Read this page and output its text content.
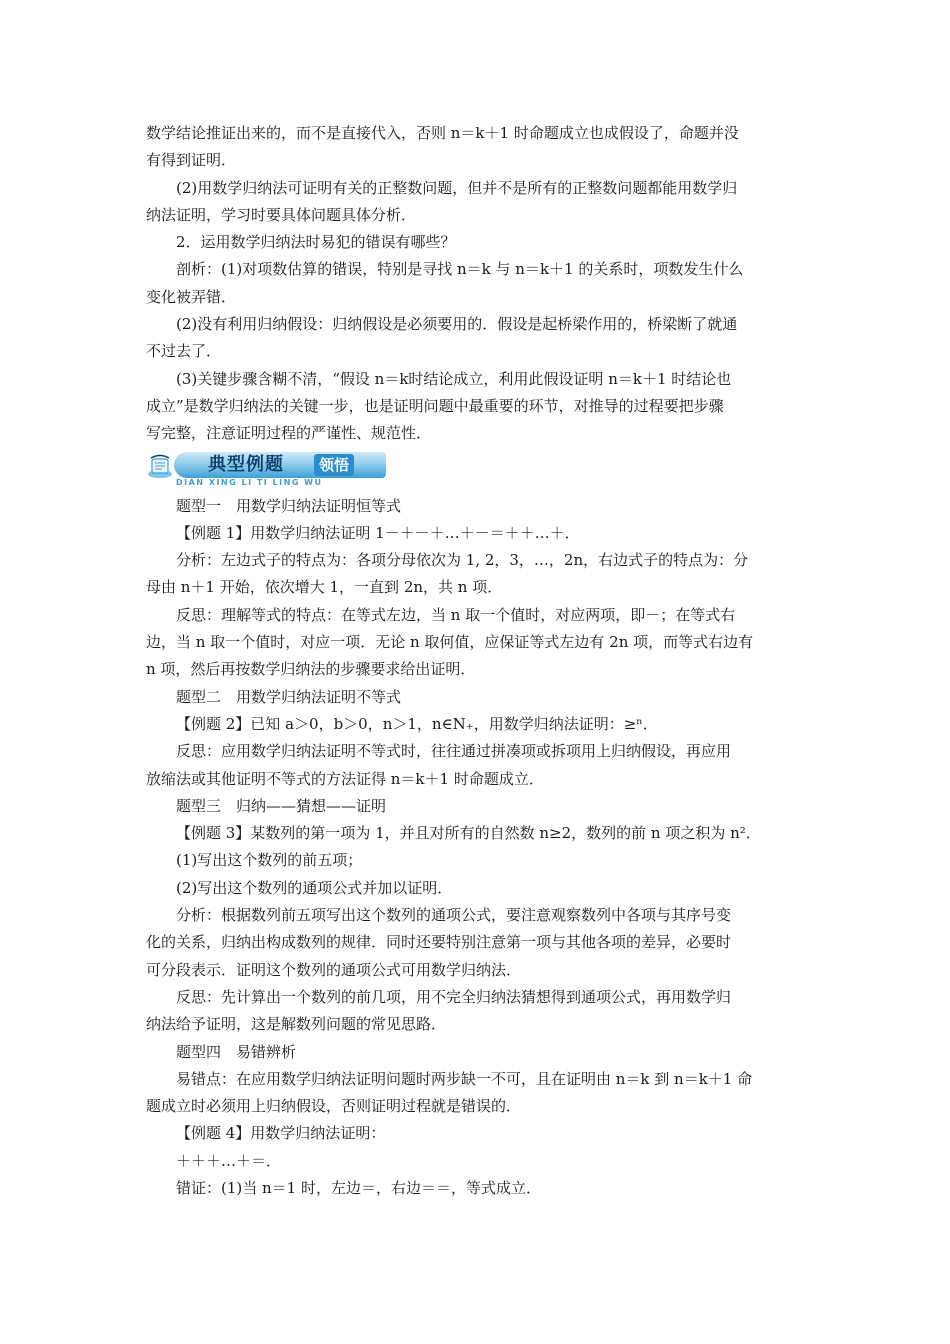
数学结论推证出来的，而不是直接代入，否则 n＝k＋1 时命题成立也成假设了，命题并没

有得到证明．

(2)用数学归纳法可证明有关的正整数问题，但并不是所有的正整数问题都能用数学归

纳法证明，学习时要具体问题具体分析．

2．运用数学归纳法时易犯的错误有哪些？

剖析：(1)对项数估算的错误，特别是寻找 n＝k 与 n＝k＋1 的关系时，项数发生什么

变化被弄错．

(2)没有利用归纳假设：归纳假设是必须要用的．假设是起桥梁作用的，桥梁断了就通

不过去了．

(3)关键步骤含糊不清，“假设 n＝k时结论成立，利用此假设证明 n＝k＋1 时结论也

成立”是数学归纳法的关键一步，也是证明问题中最重要的环节，对推导的过程要把步骤

写完整，注意证明过程的严谨性、规范性．

典型例题	领悟
DIAN XING LI TI LING WU

题型一　用数学归纳法证明恒等式

【例题 1】用数学归纳法证明 1－＋－＋…＋－＝＋＋…＋．

分析：左边式子的特点为：各项分母依次为 1, 2，3，…，2n，右边式子的特点为：分

母由 n＋1 开始，依次增大 1，一直到 2n，共 n 项．

反思：理解等式的特点：在等式左边，当 n 取一个值时，对应两项，即－；在等式右

边，当 n 取一个值时，对应一项．无论 n 取何值，应保证等式左边有 2n 项，而等式右边有

n 项，然后再按数学归纳法的步骤要求给出证明．

题型二　用数学归纳法证明不等式

【例题 2】已知 a＞0，b＞0，n＞1，n∈N₊，用数学归纳法证明：≥ⁿ．

反思：应用数学归纳法证明不等式时，往往通过拼凑项或拆项用上归纳假设，再应用

放缩法或其他证明不等式的方法证得 n＝k＋1 时命题成立．

题型三　归纳——猜想——证明

【例题 3】某数列的第一项为 1，并且对所有的自然数 n≥2，数列的前 n 项之积为 n²．

(1)写出这个数列的前五项；

(2)写出这个数列的通项公式并加以证明．

分析：根据数列前五项写出这个数列的通项公式，要注意观察数列中各项与其序号变

化的关系，归纳出构成数列的规律．同时还要特别注意第一项与其他各项的差异，必要时

可分段表示．证明这个数列的通项公式可用数学归纳法．

反思：先计算出一个数列的前几项，用不完全归纳法猜想得到通项公式，再用数学归

纳法给予证明，这是解数列问题的常见思路．

题型四　易错辨析

易错点：在应用数学归纳法证明问题时两步缺一不可，且在证明由 n＝k 到 n＝k＋1 命

题成立时必须用上归纳假设，否则证明过程就是错误的．

【例题 4】用数学归纳法证明：

＋＋＋…＋＝．

错证：(1)当 n＝1 时，左边＝，右边＝＝，等式成立．
